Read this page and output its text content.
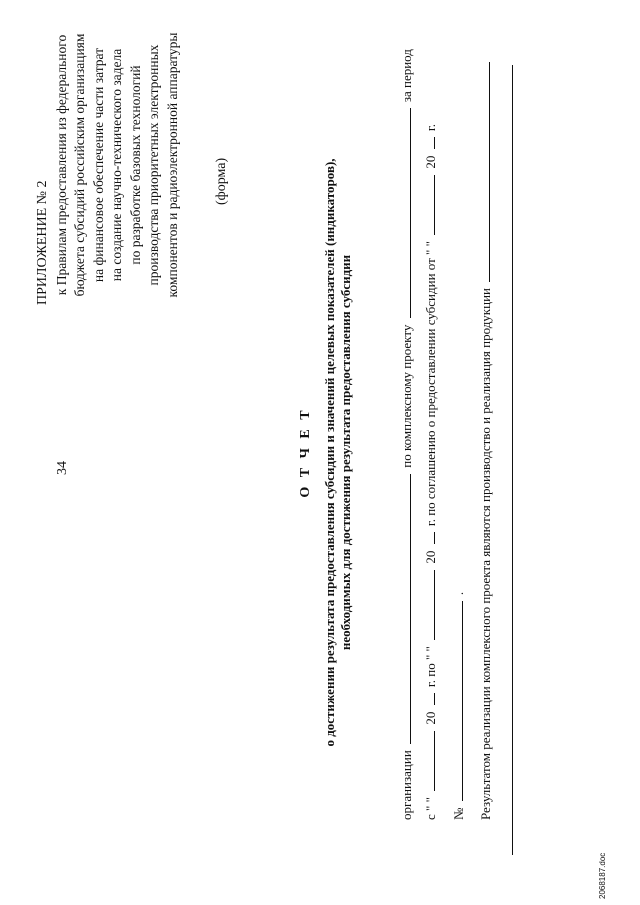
34
ПРИЛОЖЕНИЕ № 2 к Правилам предоставления из федерального бюджета субсидий российским организациям на финансовое обеспечение части затрат на создание научно-технического задела по разработке базовых технологий производства приоритетных электронных компонентов и радиоэлектронной аппаратуры (форма)
О Т Ч Е Т о достижении результата предоставления субсидии и значений целевых показателей (индикаторов), необходимых для достижения результата предоставления субсидии
организации  по комплексному проекту  за период
с " "  20  г. по " "  20  г. по соглашению о предоставлении субсидии от " "  20  г.
№  . Результатом реализации комплексного проекта являются производство и реализация продукции
2068187.doc
